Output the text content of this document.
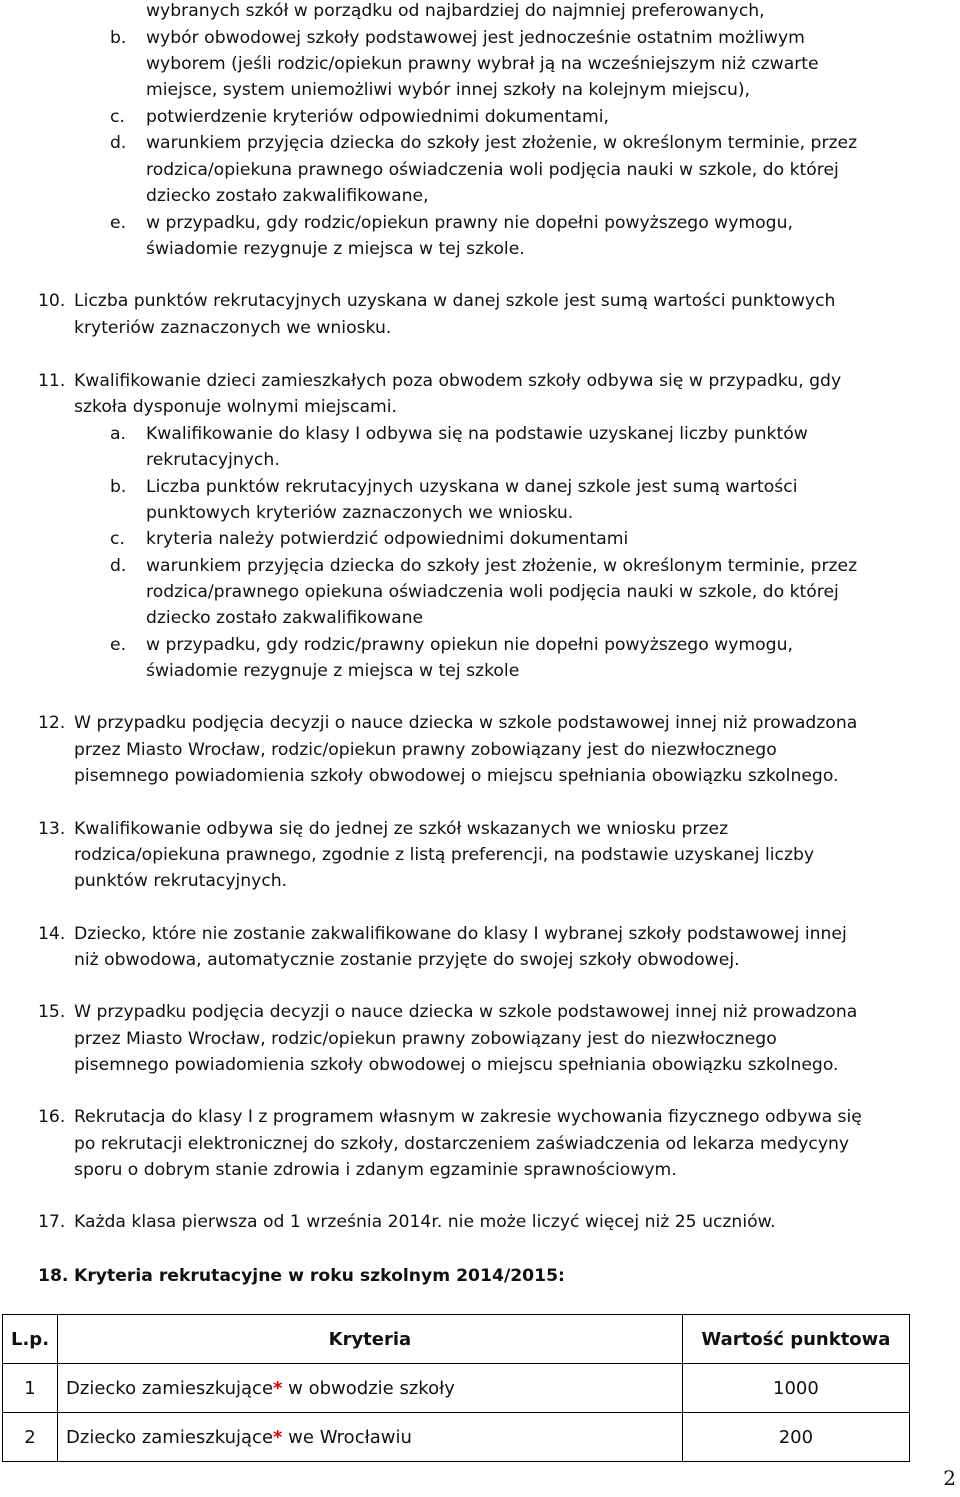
wybranych szkół w porządku od najbardziej do najmniej preferowanych,
wybór obwodowej szkoły podstawowej jest jednocześnie ostatnim możliwym
wyborem (jeśli rodzic/opiekun prawny wybrał ją na wcześniejszym niż czwarte
miejsce, system uniemożliwi wybór innej szkoły na kolejnym miejscu),
potwierdzenie kryteriów odpowiednimi dokumentami,
warunkiem przyjęcia dziecka do szkoły jest złożenie, w określonym terminie, przez
rodzica/opiekuna prawnego oświadczenia woli podjęcia nauki w szkole, do której
dziecko zostało zakwalifikowane,
w przypadku, gdy rodzic/opiekun prawny nie dopełni powyższego wymogu,
świadomie rezygnuje z miejsca w tej szkole.
Liczba punktów rekrutacyjnych uzyskana w danej szkole jest sumą wartości punktowych
kryteriów zaznaczonych we wniosku.
Kwalifikowanie dzieci zamieszkałych poza obwodem szkoły odbywa się w przypadku, gdy
szkoła dysponuje wolnymi miejscami.
Kwalifikowanie do klasy I odbywa się na podstawie uzyskanej liczby punktów
rekrutacyjnych.
Liczba punktów rekrutacyjnych uzyskana w danej szkole jest sumą wartości
punktowych kryteriów zaznaczonych we wniosku.
kryteria należy potwierdzić odpowiednimi dokumentami
warunkiem przyjęcia dziecka do szkoły jest złożenie, w określonym terminie, przez
rodzica/prawnego opiekuna oświadczenia woli podjęcia nauki w szkole, do której
dziecko zostało zakwalifikowane
w przypadku, gdy rodzic/prawny opiekun nie dopełni powyższego wymogu,
świadomie rezygnuje z miejsca w tej szkole
W przypadku podjęcia decyzji o nauce dziecka w szkole podstawowej innej niż prowadzona
przez Miasto Wrocław, rodzic/opiekun prawny zobowiązany jest do niezwłocznego
pisemnego powiadomienia szkoły obwodowej o miejscu spełniania obowiązku szkolnego.
Kwalifikowanie odbywa się do jednej ze szkół wskazanych we wniosku przez
rodzica/opiekuna prawnego, zgodnie z listą preferencji, na podstawie uzyskanej liczby
punktów rekrutacyjnych.
Dziecko, które nie zostanie zakwalifikowane do klasy I wybranej szkoły podstawowej innej
niż obwodowa, automatycznie zostanie przyjęte do swojej szkoły obwodowej.
W przypadku podjęcia decyzji o nauce dziecka w szkole podstawowej innej niż prowadzona
przez Miasto Wrocław, rodzic/opiekun prawny zobowiązany jest do niezwłocznego
pisemnego powiadomienia szkoły obwodowej o miejscu spełniania obowiązku szkolnego.
Rekrutacja do klasy I z programem własnym w zakresie wychowania fizycznego odbywa się
po rekrutacji elektronicznej do szkoły, dostarczeniem zaświadczenia od lekarza medycyny
sporu o dobrym stanie zdrowia i zdanym egzaminie sprawnościowym.
Każda klasa pierwsza od 1 września 2014r. nie może liczyć więcej niż 25 uczniów.
b.
c.
d.
e.
10.
11.
a.
b.
c.
d.
e.
12.
13.
14.
15.
16.
17.
18. Kryteria rekrutacyjne w roku szkolnym 2014/2015:
L.p.	Kryteria	Wartość punktowa
1	Dziecko zamieszkujące* w obwodzie szkoły	1000
2	Dziecko zamieszkujące* we Wrocławiu	200
2
